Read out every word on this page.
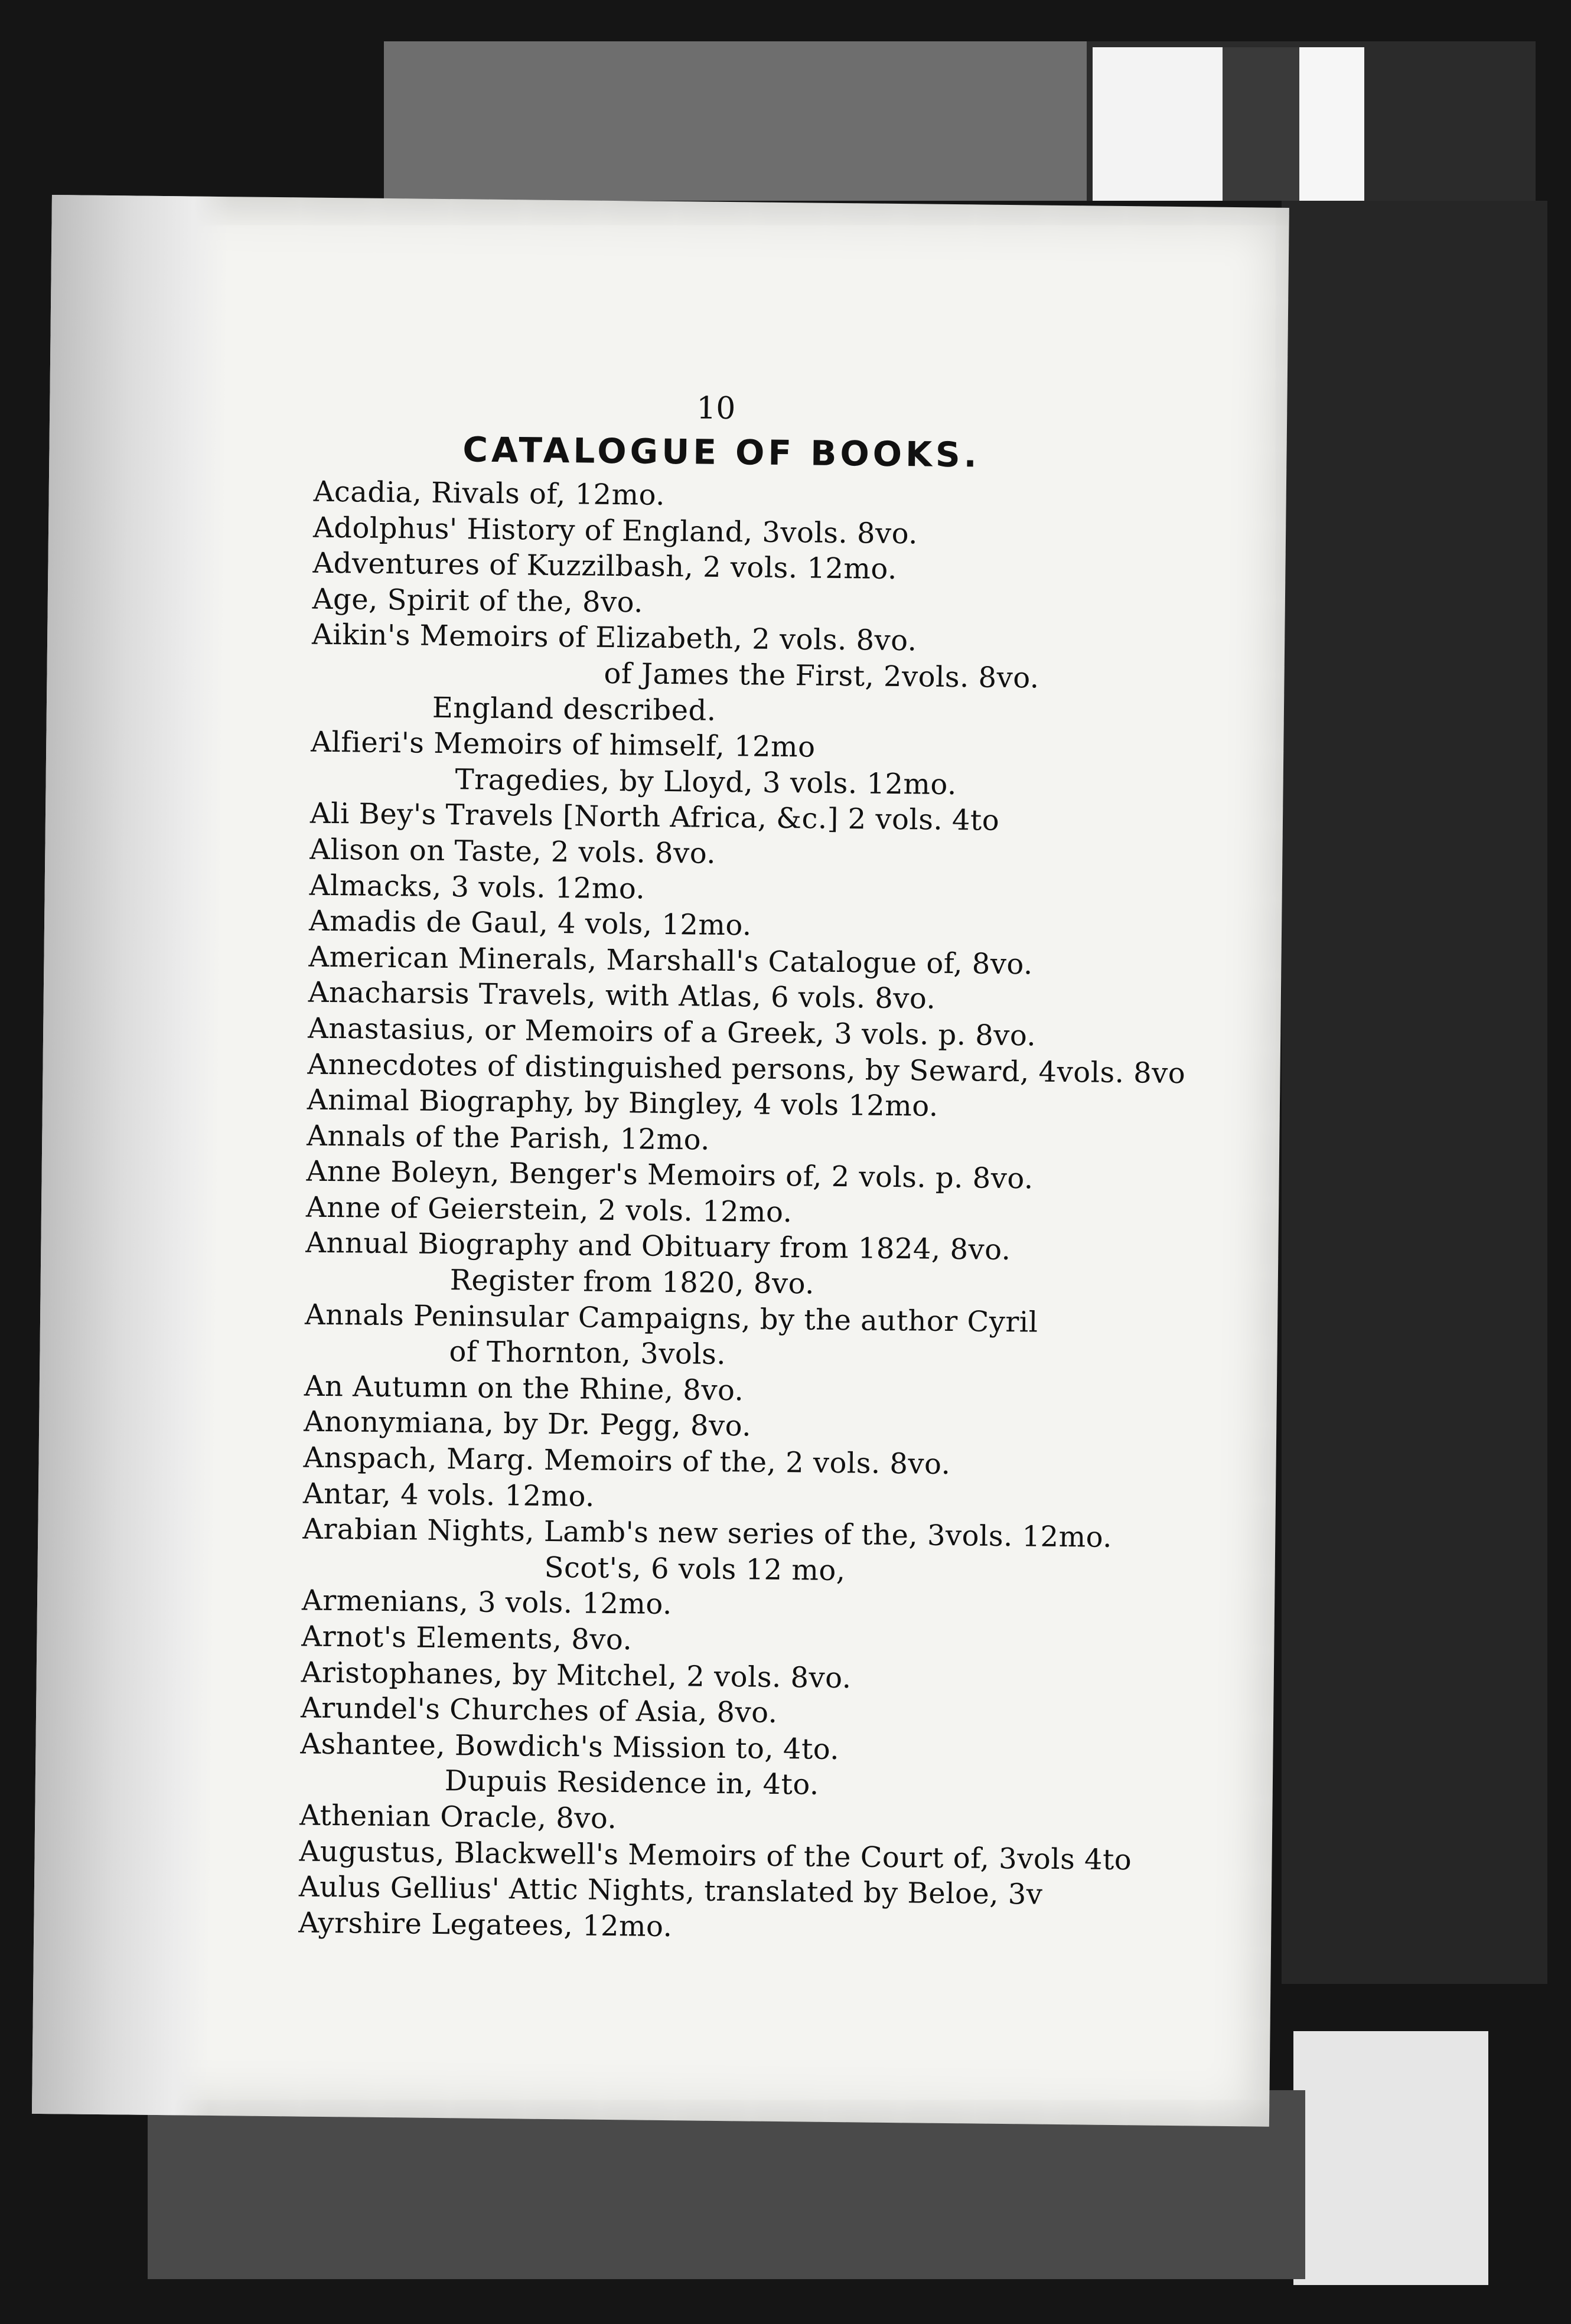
10
CATALOGUE OF BOOKS.
Acadia, Rivals of, 12mo.
Adolphus' History of England, 3vols. 8vo.
Adventures of Kuzzilbash, 2 vols. 12mo.
Age, Spirit of the, 8vo.
Aikin's Memoirs of Elizabeth, 2 vols. 8vo.
of James the First, 2vols. 8vo.
England described.
Alfieri's Memoirs of himself, 12mo
Tragedies, by Lloyd, 3 vols. 12mo.
Ali Bey's Travels [North Africa, &c.] 2 vols. 4to
Alison on Taste, 2 vols. 8vo.
Almacks, 3 vols. 12mo.
Amadis de Gaul, 4 vols, 12mo.
American Minerals, Marshall's Catalogue of, 8vo.
Anacharsis Travels, with Atlas, 6 vols. 8vo.
Anastasius, or Memoirs of a Greek, 3 vols. p. 8vo.
Annecdotes of distinguished persons, by Seward, 4vols. 8vo
Animal Biography, by Bingley, 4 vols 12mo.
Annals of the Parish, 12mo.
Anne Boleyn, Benger's Memoirs of, 2 vols. p. 8vo.
Anne of Geierstein, 2 vols. 12mo.
Annual Biography and Obituary from 1824, 8vo.
Register from 1820, 8vo.
Annals Peninsular Campaigns, by the author Cyril
of Thornton, 3vols.
An Autumn on the Rhine, 8vo.
Anonymiana, by Dr. Pegg, 8vo.
Anspach, Marg. Memoirs of the, 2 vols. 8vo.
Antar, 4 vols. 12mo.
Arabian Nights, Lamb's new series of the, 3vols. 12mo.
Scot's, 6 vols 12 mo,
Armenians, 3 vols. 12mo.
Arnot's Elements, 8vo.
Aristophanes, by Mitchel, 2 vols. 8vo.
Arundel's Churches of Asia, 8vo.
Ashantee, Bowdich's Mission to, 4to.
Dupuis Residence in, 4to.
Athenian Oracle, 8vo.
Augustus, Blackwell's Memoirs of the Court of, 3vols 4to
Aulus Gellius' Attic Nights, translated by Beloe, 3v
Ayrshire Legatees, 12mo.
